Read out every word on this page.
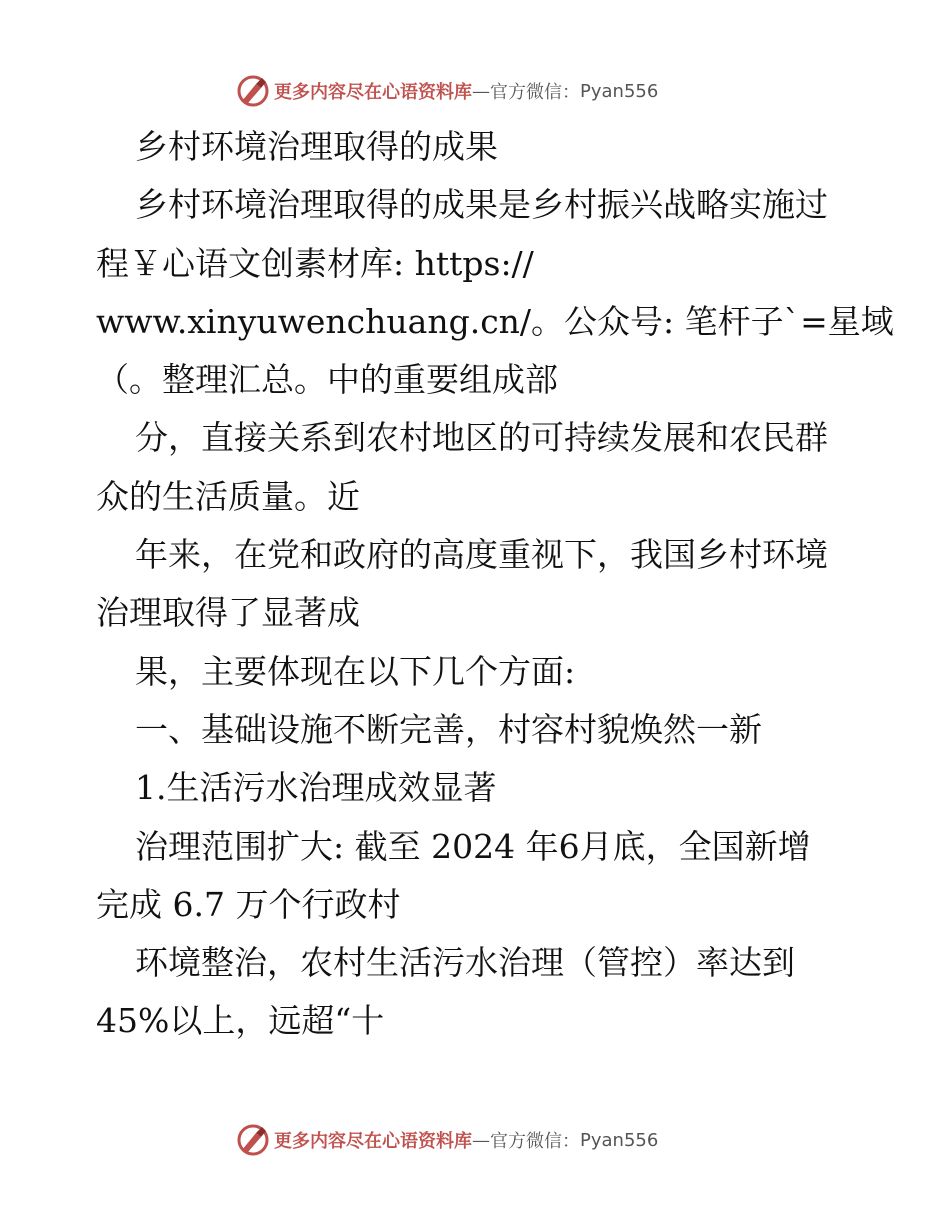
更多内容尽在心语资料库 — 官方微信： Pyan556
乡村环境治理取得的成果
乡村环境治理取得的成果是乡村振兴战略实施过
程￥心语文创素材库: https://
www.xinyuwenchuang.cn/。公众号: 笔杆子`=星域
（。整理汇总。中的重要组成部
分，直接关系到农村地区的可持续发展和农民群
众的生活质量。近
年来，在党和政府的高度重视下，我国乡村环境
治理取得了显著成
果，主要体现在以下几个方面:
一、基础设施不断完善，村容村貌焕然一新
1.生活污水治理成效显著
治理范围扩大: 截至 2024 年6月底，全国新增
完成 6.7 万个行政村
环境整治，农村生活污水治理（管控）率达到
45%以上，远超“十
更多内容尽在心语资料库 — 官方微信： Pyan556
